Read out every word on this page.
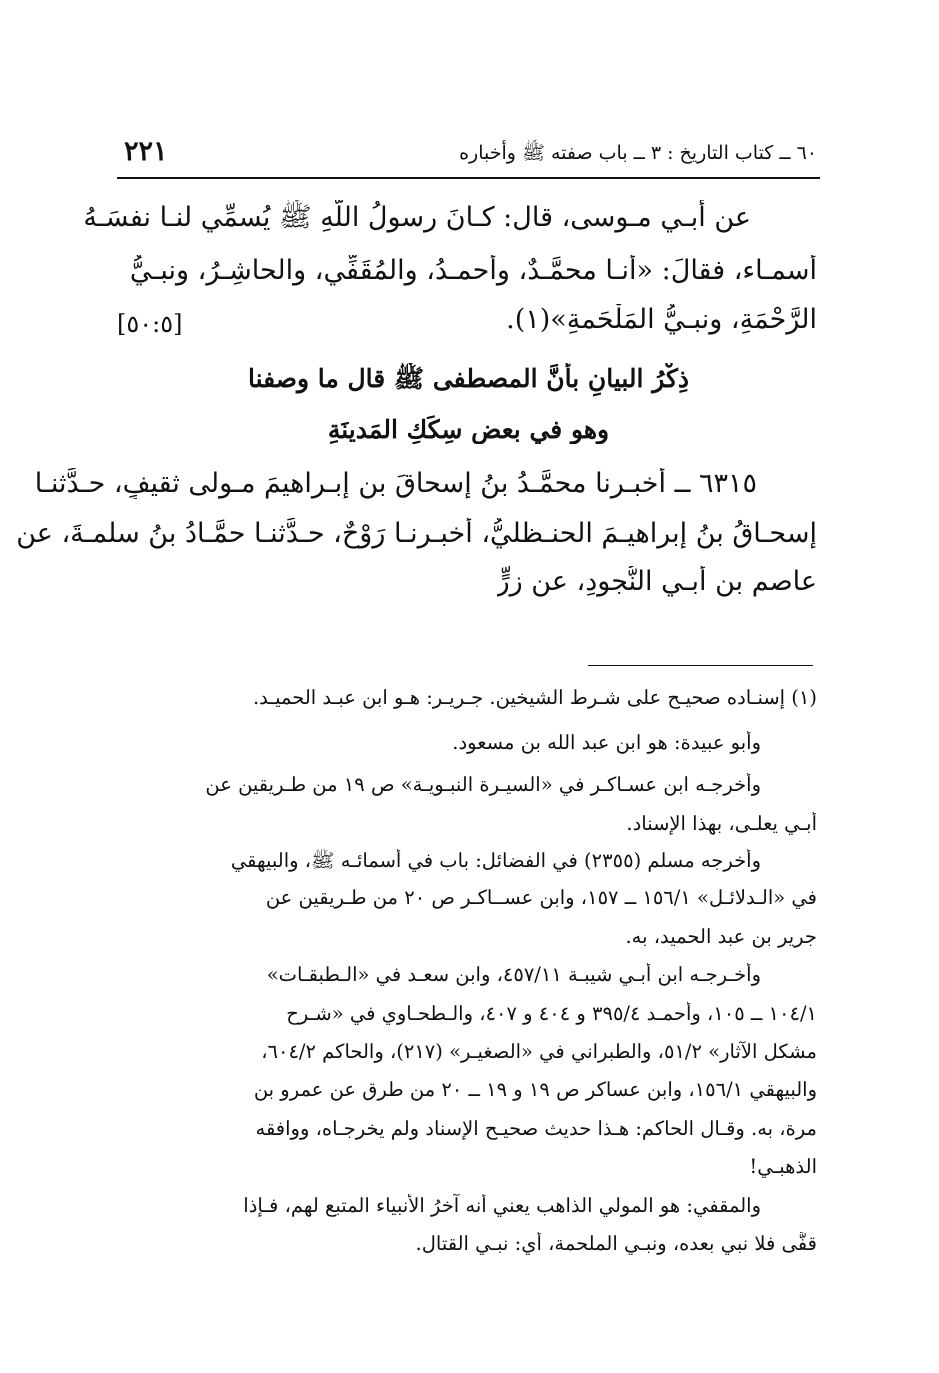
٦٠ ــ كتاب التاريخ : ٣ ــ باب صفته ﷺ وأخباره
٢٢١
عن أبـي مـوسى، قال: كـانَ رسولُ اللّهِ ﷺ يُسمِّي لنـا نفسَـهُ
أسمـاء، فقالَ: «أنـا محمَّـدٌ، وأحمـدُ، والمُقَفِّي، والحاشِـرُ، ونبـيُّ
الرَّحْمَةِ، ونبـيُّ المَلْحَمةِ»(١).
[٥٠:٥]
ذِكْرُ البيانِ بأنَّ المصطفى ﷺ قال ما وصفنا
وهو في بعضِ سِكَكِ المَدينَةِ
٦٣١٥ ــ أخبـرنا محمَّـدُ بنُ إسحاقَ بنِ إبـراهيمَ مـولى ثقيفٍ، حـدَّثنـا
إسحـاقُ بنُ إبراهيـمَ الحنـظليُّ، أخبـرنـا رَوْحٌ، حـدَّثنـا حمَّـادُ بنُ سلمـةَ، عن
عاصمِ بنِ أبـي النُّجودِ، عن زِرٍّ
(١) إسنـاده صحيـح على شـرط الشيخين. جـريـر: هـو ابن عبـد الحميـد.
وأبو عبيدة: هو ابن عبد الله بن مسعود.
وأخرجـه ابن عسـاكـر في «السيـرة النبـويـة» ص ١٩ من طـريقين عن
أبـي يعلـى، بهذا الإسناد.
وأخرجه مسلم (٢٣٥٥) في الفضائل: باب في أسمائـه ﷺ، والبيهقي
في «الـدلائـل» ١٥٦/١ ــ ١٥٧، وابن عســاكـر ص ٢٠ من طـريقين عن
جرير بن عبد الحميد، به.
وأخـرجـه ابن أبـي شيبـة ٤٥٧/١١، وابن سعـد في «الـطبقـات»
١٠٤/١ ــ ١٠٥، وأحمـد ٣٩٥/٤ و ٤٠٤ و ٤٠٧، والـطحـاوي في «شـرح
مشكل الآثار» ٥١/٢، والطبراني في «الصغيـر» (٢١٧)، والحاكم ٦٠٤/٢،
والبيهقي ١٥٦/١، وابن عساكر ص ١٩ و ١٩ ــ ٢٠ من طرق عن عمرو بن
مرة، به. وقـال الحاكم: هـذا حديث صحيـح الإسناد ولم يخرجـاه، ووافقه
الذهبـي!
والمقفي: هو المولي الذاهب يعني أنه آخرُ الأنبياء المتبع لهم، فـإذا
قفَّى فلا نبي بعده، ونبـي الملحمة، أي: نبـي القتال.
